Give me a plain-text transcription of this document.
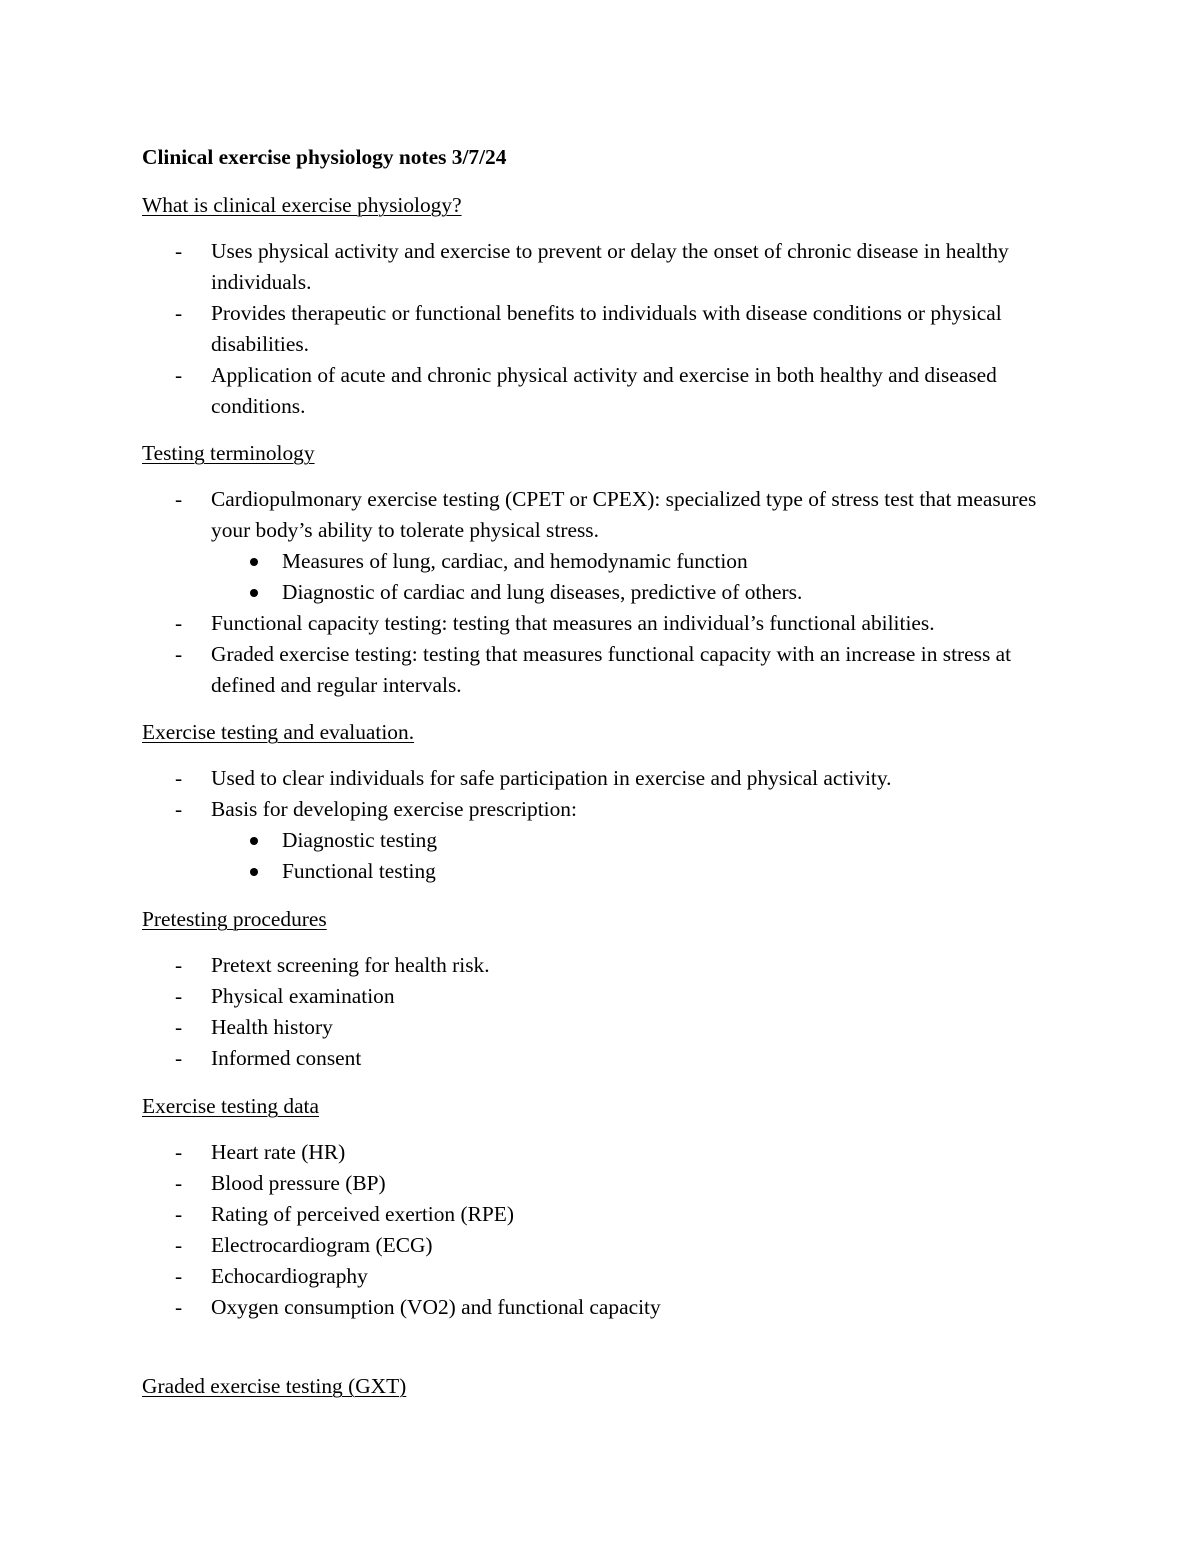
Clinical exercise physiology notes 3/7/24
What is clinical exercise physiology?
- Uses physical activity and exercise to prevent or delay the onset of chronic disease in healthy individuals.
- Provides therapeutic or functional benefits to individuals with disease conditions or physical disabilities.
- Application of acute and chronic physical activity and exercise in both healthy and diseased conditions.
Testing terminology
- Cardiopulmonary exercise testing (CPET or CPEX): specialized type of stress test that measures your body’s ability to tolerate physical stress.
Measures of lung, cardiac, and hemodynamic function
Diagnostic of cardiac and lung diseases, predictive of others.
- Functional capacity testing: testing that measures an individual’s functional abilities.
- Graded exercise testing: testing that measures functional capacity with an increase in stress at defined and regular intervals.
Exercise testing and evaluation.
- Used to clear individuals for safe participation in exercise and physical activity.
- Basis for developing exercise prescription:
Diagnostic testing
Functional testing
Pretesting procedures
- Pretext screening for health risk.
- Physical examination
- Health history
- Informed consent
Exercise testing data
- Heart rate (HR)
- Blood pressure (BP)
- Rating of perceived exertion (RPE)
- Electrocardiogram (ECG)
- Echocardiography
- Oxygen consumption (VO2) and functional capacity
Graded exercise testing (GXT)
